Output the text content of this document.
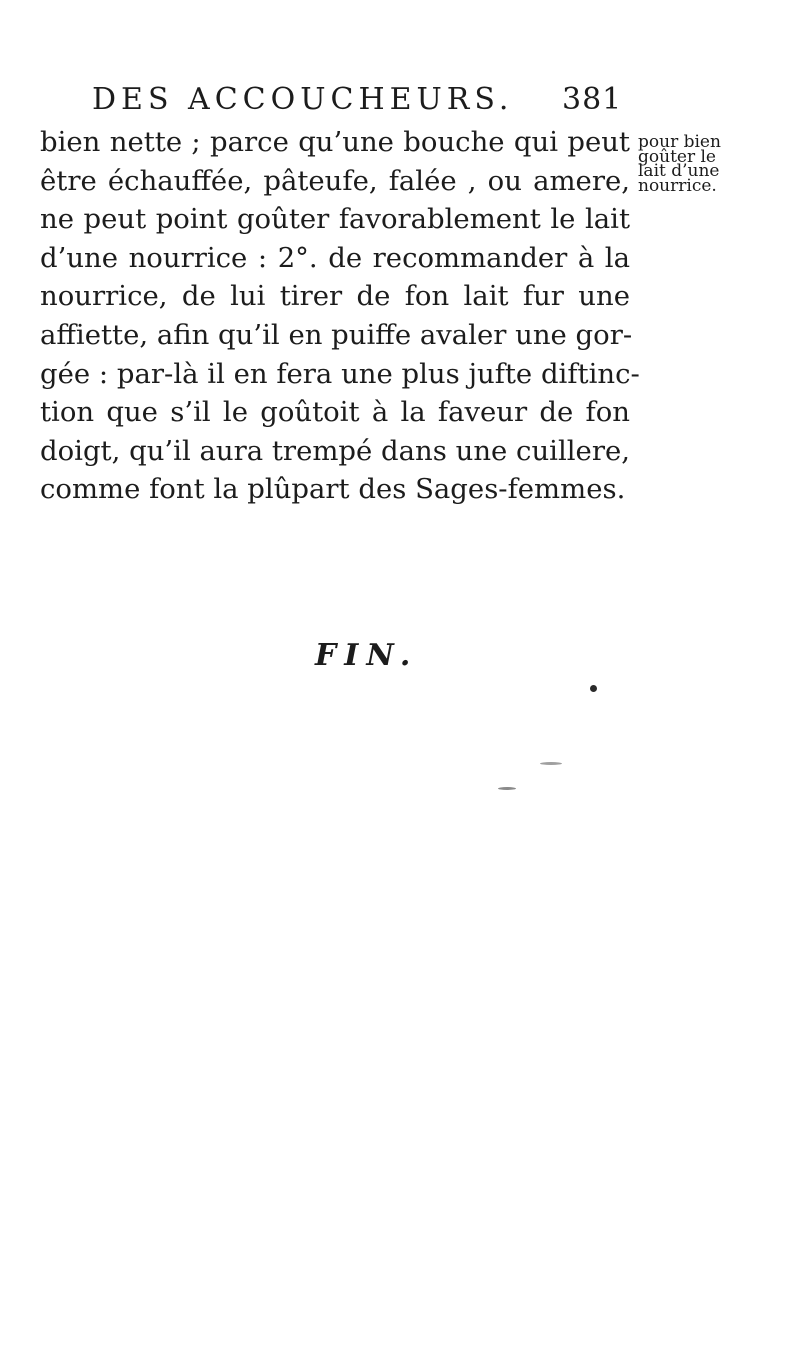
DES ACCOUCHEURS. 381
bien nette ; parce qu’une bouche qui peut
être échauffée, pâteufe, falée , ou amere,
ne peut point goûter favorablement le lait
d’une nourrice : 2°. de recommander à la
nourrice, de lui tirer de fon lait fur une
affiette, afin qu’il en puiffe avaler une gor-
gée : par-là il en fera une plus jufte diftinc-
tion que s’il le goûtoit à la faveur de fon
doigt, qu’il aura trempé dans une cuillere,
comme font la plûpart des Sages-femmes.
pour bien
goûter le
lait d’une
nourrice.
FIN.
